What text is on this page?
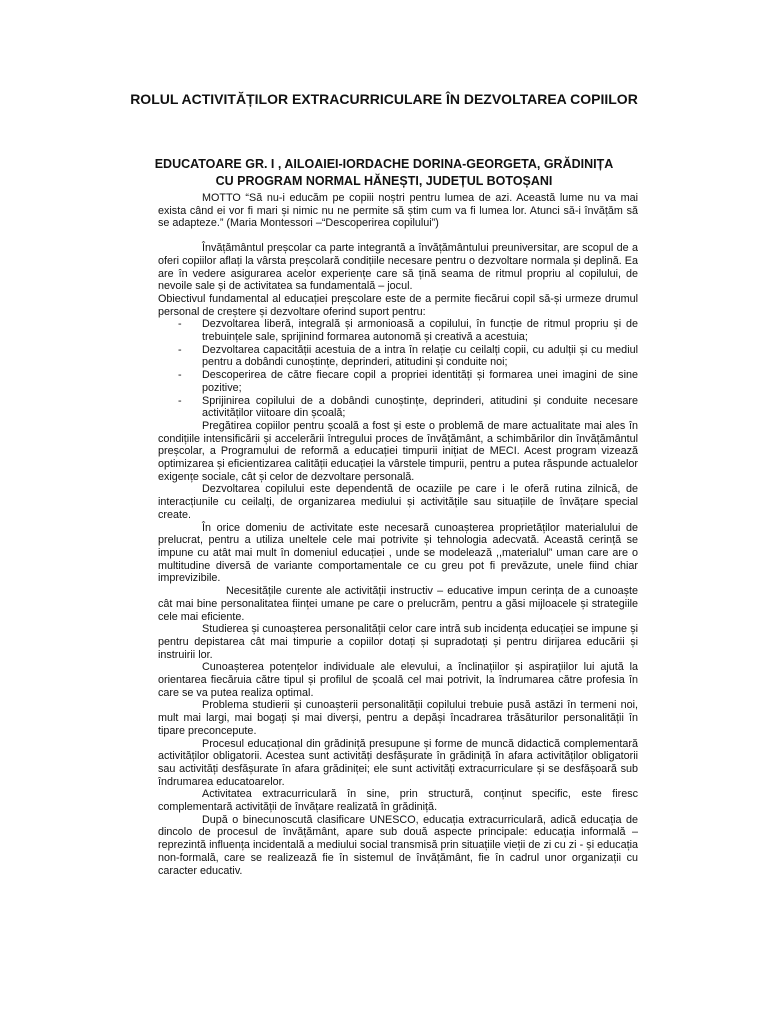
ROLUL ACTIVITĂȚILOR EXTRACURRICULARE ÎN DEZVOLTAREA COPIILOR
EDUCATOARE GR. I , AILOAIEI-IORDACHE DORINA-GEORGETA, GRĂDINIȚA CU PROGRAM NORMAL HĂNEȘTI, JUDEȚUL BOTOȘANI

MOTTO “Să nu-i educăm pe copiii noștri pentru lumea de azi. Această lume nu va mai exista când ei vor fi mari și nimic nu ne permite să știm cum va fi lumea lor. Atunci să-i învățăm să se adapteze.” (Maria Montessori –“Descoperirea copilului”)

Învățământul preșcolar ca parte integrantă a învățământului preuniversitar, are scopul de a oferi copiilor aflați la vârsta preșcolară condițiile necesare pentru o dezvoltare normala și deplină. Ea are în vedere asigurarea acelor experiențe care să țină seama de ritmul propriu al copilului, de nevoile sale și de activitatea sa fundamentală – jocul.

Obiectivul fundamental al educației preșcolare este de a permite fiecărui copil să-și urmeze drumul personal de creștere și dezvoltare oferind suport pentru:

- Dezvoltarea liberă, integrală și armonioasă a copilului, în funcție de ritmul propriu și de trebuințele sale, sprijinind formarea autonomă și creativă a acestuia;
- Dezvoltarea capacității acestuia de a intra în relație cu ceilalți copii, cu adulții și cu mediul pentru a dobândi cunoștințe, deprinderi, atitudini și conduite noi;
- Descoperirea de către fiecare copil a propriei identități și formarea unei imagini de sine pozitive;
- Sprijinirea copilului de a dobândi cunoștințe, deprinderi, atitudini și conduite necesare activităților viitoare din școală;

Pregătirea copiilor pentru școală a fost și este o problemă de mare actualitate mai ales în condițiile intensificării și accelerării întregului proces de învățământ, a schimbărilor din învățământul preșcolar, a Programului de reformă a educației timpurii inițiat de MECI. Acest program vizează optimizarea și eficientizarea calității educației la vârstele timpurii, pentru a putea răspunde actualelor exigențe sociale, cât și celor de dezvoltare personală.

Dezvoltarea copilului este dependentă de ocaziile pe care i le oferă rutina zilnică, de interacțiunile cu ceilalți, de organizarea mediului și activitățile sau situațiile de învățare special create.

În orice domeniu de activitate este necesară cunoașterea proprietăților materialului de prelucrat, pentru a utiliza uneltele cele mai potrivite și tehnologia adecvată. Această cerință se impune cu atât mai mult în domeniul educației , unde se modelează ,,materialul” uman care are o multitudine diversă de variante comportamentale ce cu greu pot fi prevăzute, unele fiind chiar imprevizibile.

Necesitățile curente ale activității instructiv – educative impun cerința de a cunoaște cât mai bine personalitatea ființei umane pe care o prelucrăm, pentru a găsi mijloacele și strategiile cele mai eficiente.

Studierea și cunoașterea personalității celor care intră sub incidența educației se impune și pentru depistarea cât mai timpurie a copiilor dotați și supradotați și pentru dirijarea educării și instruirii lor.

Cunoașterea potențelor individuale ale elevului, a înclinațiilor și aspirațiilor lui ajută la orientarea fiecăruia către tipul și profilul de școală cel mai potrivit, la îndrumarea către profesia în care se va putea realiza optimal.

Problema studierii și cunoașterii personalității copilului trebuie pusă astăzi în termeni noi, mult mai largi, mai bogați și mai diverși, pentru a depăși încadrarea trăsăturilor personalității în tipare preconcepute.

Procesul educațional din grădiniță presupune și forme de muncă didactică complementară activităților obligatorii. Acestea sunt activități desfășurate în grădiniță în afara activităților obligatorii sau activități desfășurate în afara grădiniței; ele sunt activități extracurriculare și se desfășoară sub îndrumarea educatoarelor.

Activitatea extracurriculară în sine, prin structură, conținut specific, este firesc complementară activității de învățare realizată în grădiniță.

După o binecunoscută clasificare UNESCO, educația extracurriculară, adică educația de dincolo de procesul de învățământ, apare sub două aspecte principale: educația informală – reprezintă influența incidentală a mediului social transmisă prin situațiile vieții de zi cu zi - și educația non-formală, care se realizează fie în sistemul de învățământ, fie în cadrul unor organizații cu caracter educativ.
